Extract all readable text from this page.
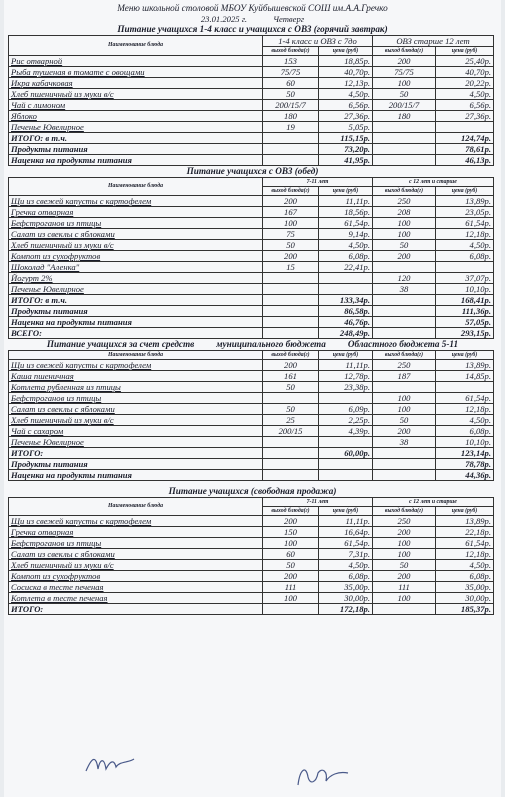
Меню школьной столовой МБОУ Куйбышевской СОШ им.А.А.Гречко
23.01.2025 г.	Четверг
Питание учащихся 1-4 класс и учащихся с ОВЗ (горячий завтрак)
Наименование блюда	1-4 класс и ОВЗ с 7до		ОВЗ старше 12 лет	
	выход блюда(г)	цена (руб)	выход блюда(г)	цена (руб)
Рис отварной	153	18,85р.	200	25,40р.
Рыба тушеная в томате с овощами	75/75	40,70р.	75/75	40,70р.
Икра кабачковая	60	12,13р.	100	20,22р.
Хлеб пшеничный из муки в/с	50	4,50р.	50	4,50р.
Чай с лимоном	200/15/7	6,56р.	200/15/7	6,56р.
Яблоко	180	27,36р.	180	27,36р.
Печенье Ювелирное	19	5,05р.		
ИТОГО: в т.ч.		115,15р.		124,74р.
Продукты питания		73,20р.		78,61р.
Наценка на продукты питания		41,95р.		46,13р.
Питание учащихся с ОВЗ (обед)
Наименование блюда	7-11 лет		с 12 лет и старше	
	выход блюда(г)	цена (руб)	выход блюда(г)	цена (руб)
Щи из свежей капусты с картофелем	200	11,11р.	250	13,89р.
Гречка отварная	167	18,56р.	208	23,05р.
Бефстроганов из птицы	100	61,54р.	100	61,54р.
Салат из свеклы с яблоками	75	9,14р.	100	12,18р.
Хлеб пшеничный из муки в/с	50	4,50р.	50	4,50р.
Компот из сухофруктов	200	6,08р.	200	6,08р.
Шоколад "Аленка"	15	22,41р.		
Йогурт 2%			120	37,07р.
Печенье Ювелирное			38	10,10р.
ИТОГО: в т.ч.		133,34р.		168,41р.
Продукты питания		86,58р.		111,36р.
Наценка на продукты питания		46,76р.		57,05р.
ВСЕГО:		248,49р.		293,15р.
Питание учащихся за счет средств муниципального бюджета Областного бюджета 5-11
Наименование блюда	выход блюда(г)	цена (руб)	выход блюда(г)	цена (руб)
Щи из свежей капусты с картофелем	200	11,11р.	250	13,89р.
Каша пшеничная	161	12,78р.	187	14,85р.
Котлета рубленная из птицы	50	23,38р.		
Бефстроганов из птицы			100	61,54р.
Салат из свеклы с яблоками	50	6,09р.	100	12,18р.
Хлеб пшеничный из муки в/с	25	2,25р.	50	4,50р.
Чай с сахаром	200/15	4,39р.	200	6,08р.
Печенье Ювелирное			38	10,10р.
ИТОГО:		60,00р.		123,14р.
Продукты питания				78,78р.
Наценка на продукты питания				44,36р.
Питание учащихся (свободная продажа)
Наименование блюда	7-11 лет		с 12 лет и старше	
	выход блюда(г)	цена (руб)	выход блюда(г)	цена (руб)
Щи из свежей капусты с картофелем	200	11,11р.	250	13,89р.
Гречка отварная	150	16,64р.	200	22,18р.
Бефстроганов из птицы	100	61,54р.	100	61,54р.
Салат из свеклы с яблоками	60	7,31р.	100	12,18р.
Хлеб пшеничный из муки в/с	50	4,50р.	50	4,50р.
Компот из сухофруктов	200	6,08р.	200	6,08р.
Сосиска в тесте печеная	111	35,00р.	111	35,00р.
Котлета в тесте печеная	100	30,00р.	100	30,00р.
ИТОГО:		172,18р.		185,37р.
